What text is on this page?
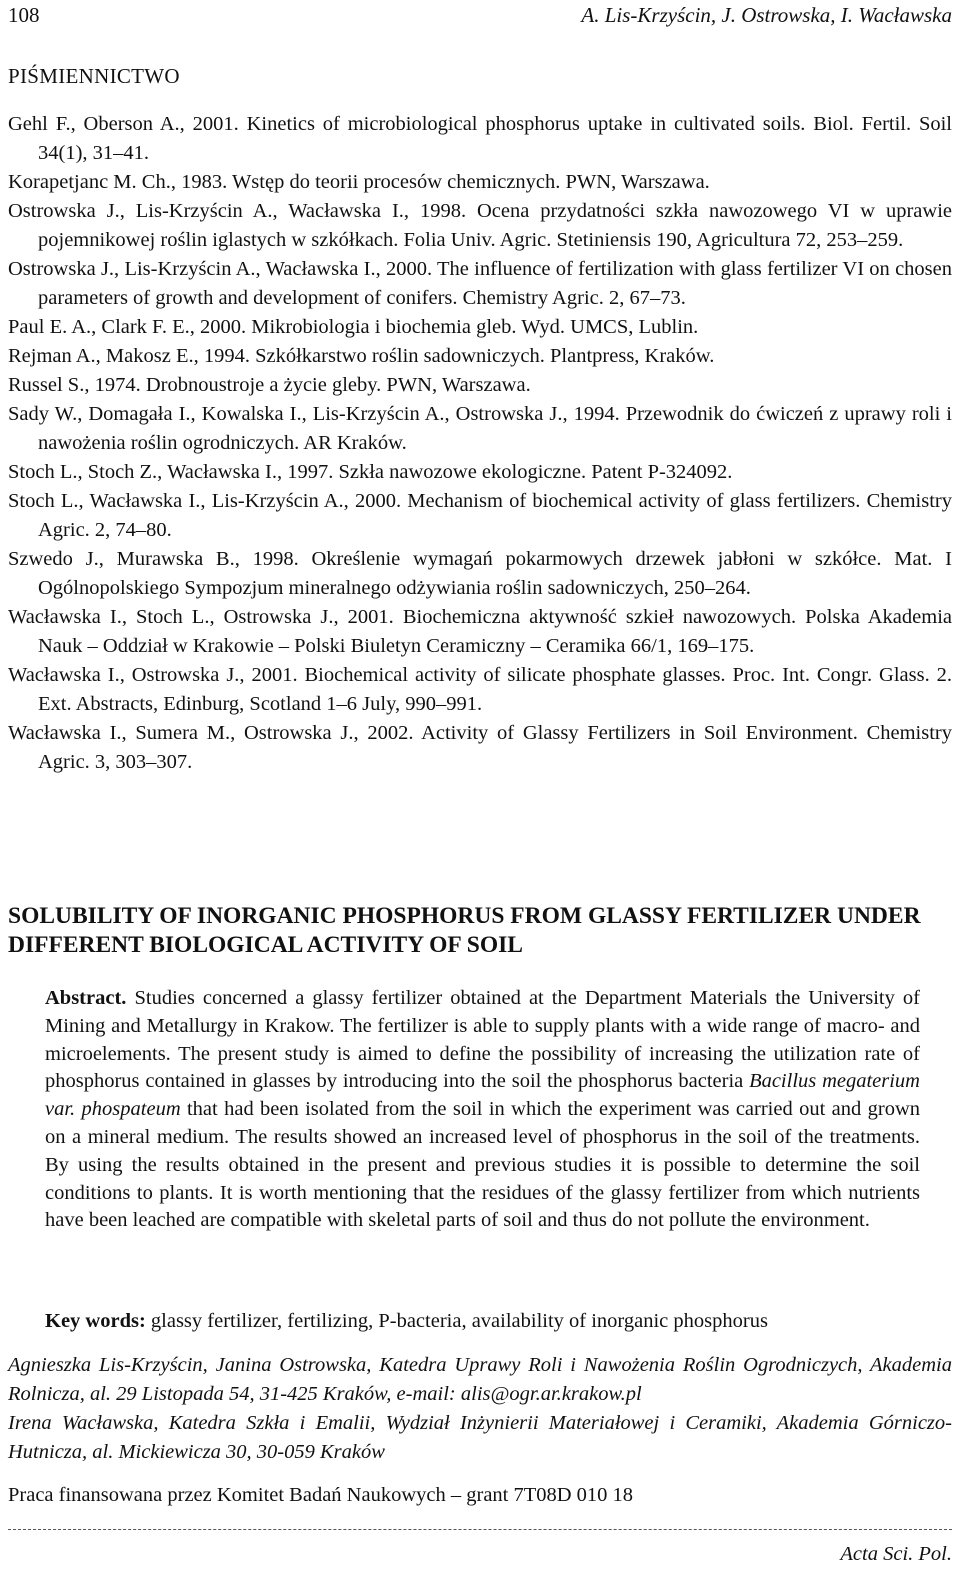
108	A. Lis-Krzyścin, J. Ostrowska, I. Wacławska
PIŚMIENNICTWO
Gehl F., Oberson A., 2001. Kinetics of microbiological phosphorus uptake in cultivated soils. Biol. Fertil. Soil 34(1), 31–41.
Korapetjanc M. Ch., 1983. Wstęp do teorii procesów chemicznych. PWN, Warszawa.
Ostrowska J., Lis-Krzyścin A., Wacławska I., 1998. Ocena przydatności szkła nawozowego VI w uprawie pojemnikowej roślin iglastych w szkółkach. Folia Univ. Agric. Stetiniensis 190, Agricultura 72, 253–259.
Ostrowska J., Lis-Krzyścin A., Wacławska I., 2000. The influence of fertilization with glass fertilizer VI on chosen parameters of growth and development of conifers. Chemistry Agric. 2, 67–73.
Paul E. A., Clark F. E., 2000. Mikrobiologia i biochemia gleb. Wyd. UMCS, Lublin.
Rejman A., Makosz E., 1994. Szkółkarstwo roślin sadowniczych. Plantpress, Kraków.
Russel S., 1974. Drobnoustroje a życie gleby. PWN, Warszawa.
Sady W., Domagała I., Kowalska I., Lis-Krzyścin A., Ostrowska J., 1994. Przewodnik do ćwiczeń z uprawy roli i nawożenia roślin ogrodniczych. AR Kraków.
Stoch L., Stoch Z., Wacławska I., 1997. Szkła nawozowe ekologiczne. Patent P-324092.
Stoch L., Wacławska I., Lis-Krzyścin A., 2000. Mechanism of biochemical activity of glass fertilizers. Chemistry Agric. 2, 74–80.
Szwedo J., Murawska B., 1998. Określenie wymagań pokarmowych drzewek jabłoni w szkółce. Mat. I Ogólnopolskiego Sympozjum mineralnego odżywiania roślin sadowniczych, 250–264.
Wacławska I., Stoch L., Ostrowska J., 2001. Biochemiczna aktywność szkieł nawozowych. Polska Akademia Nauk – Oddział w Krakowie – Polski Biuletyn Ceramiczny – Ceramika 66/1, 169–175.
Wacławska I., Ostrowska J., 2001. Biochemical activity of silicate phosphate glasses. Proc. Int. Congr. Glass. 2. Ext. Abstracts, Edinburg, Scotland 1–6 July, 990–991.
Wacławska I., Sumera M., Ostrowska J., 2002. Activity of Glassy Fertilizers in Soil Environment. Chemistry Agric. 3, 303–307.
SOLUBILITY OF INORGANIC PHOSPHORUS FROM GLASSY FERTILIZER UNDER DIFFERENT BIOLOGICAL ACTIVITY OF SOIL

Abstract. Studies concerned a glassy fertilizer obtained at the Department Materials the University of Mining and Metallurgy in Krakow. The fertilizer is able to supply plants with a wide range of macro- and microelements. The present study is aimed to define the possibility of increasing the utilization rate of phosphorus contained in glasses by introducing into the soil the phosphorus bacteria Bacillus megaterium var. phospateum that had been isolated from the soil in which the experiment was carried out and grown on a mineral medium. The results showed an increased level of phosphorus in the soil of the treatments. By using the results obtained in the present and previous studies it is possible to determine the soil conditions to plants. It is worth mentioning that the residues of the glassy fertilizer from which nutrients have been leached are compatible with skeletal parts of soil and thus do not pollute the environment.

Key words: glassy fertilizer, fertilizing, P-bacteria, availability of inorganic phosphorus

Agnieszka Lis-Krzyścin, Janina Ostrowska, Katedra Uprawy Roli i Nawożenia Roślin Ogrodniczych, Akademia Rolnicza, al. 29 Listopada 54, 31-425 Kraków, e-mail: alis@ogr.ar.krakow.pl

Irena Wacławska, Katedra Szkła i Emalii, Wydział Inżynierii Materiałowej i Ceramiki, Akademia Górniczo-Hutnicza, al. Mickiewicza 30, 30-059 Kraków

Praca finansowana przez Komitet Badań Naukowych – grant 7T08D 010 18

Acta Sci. Pol.
